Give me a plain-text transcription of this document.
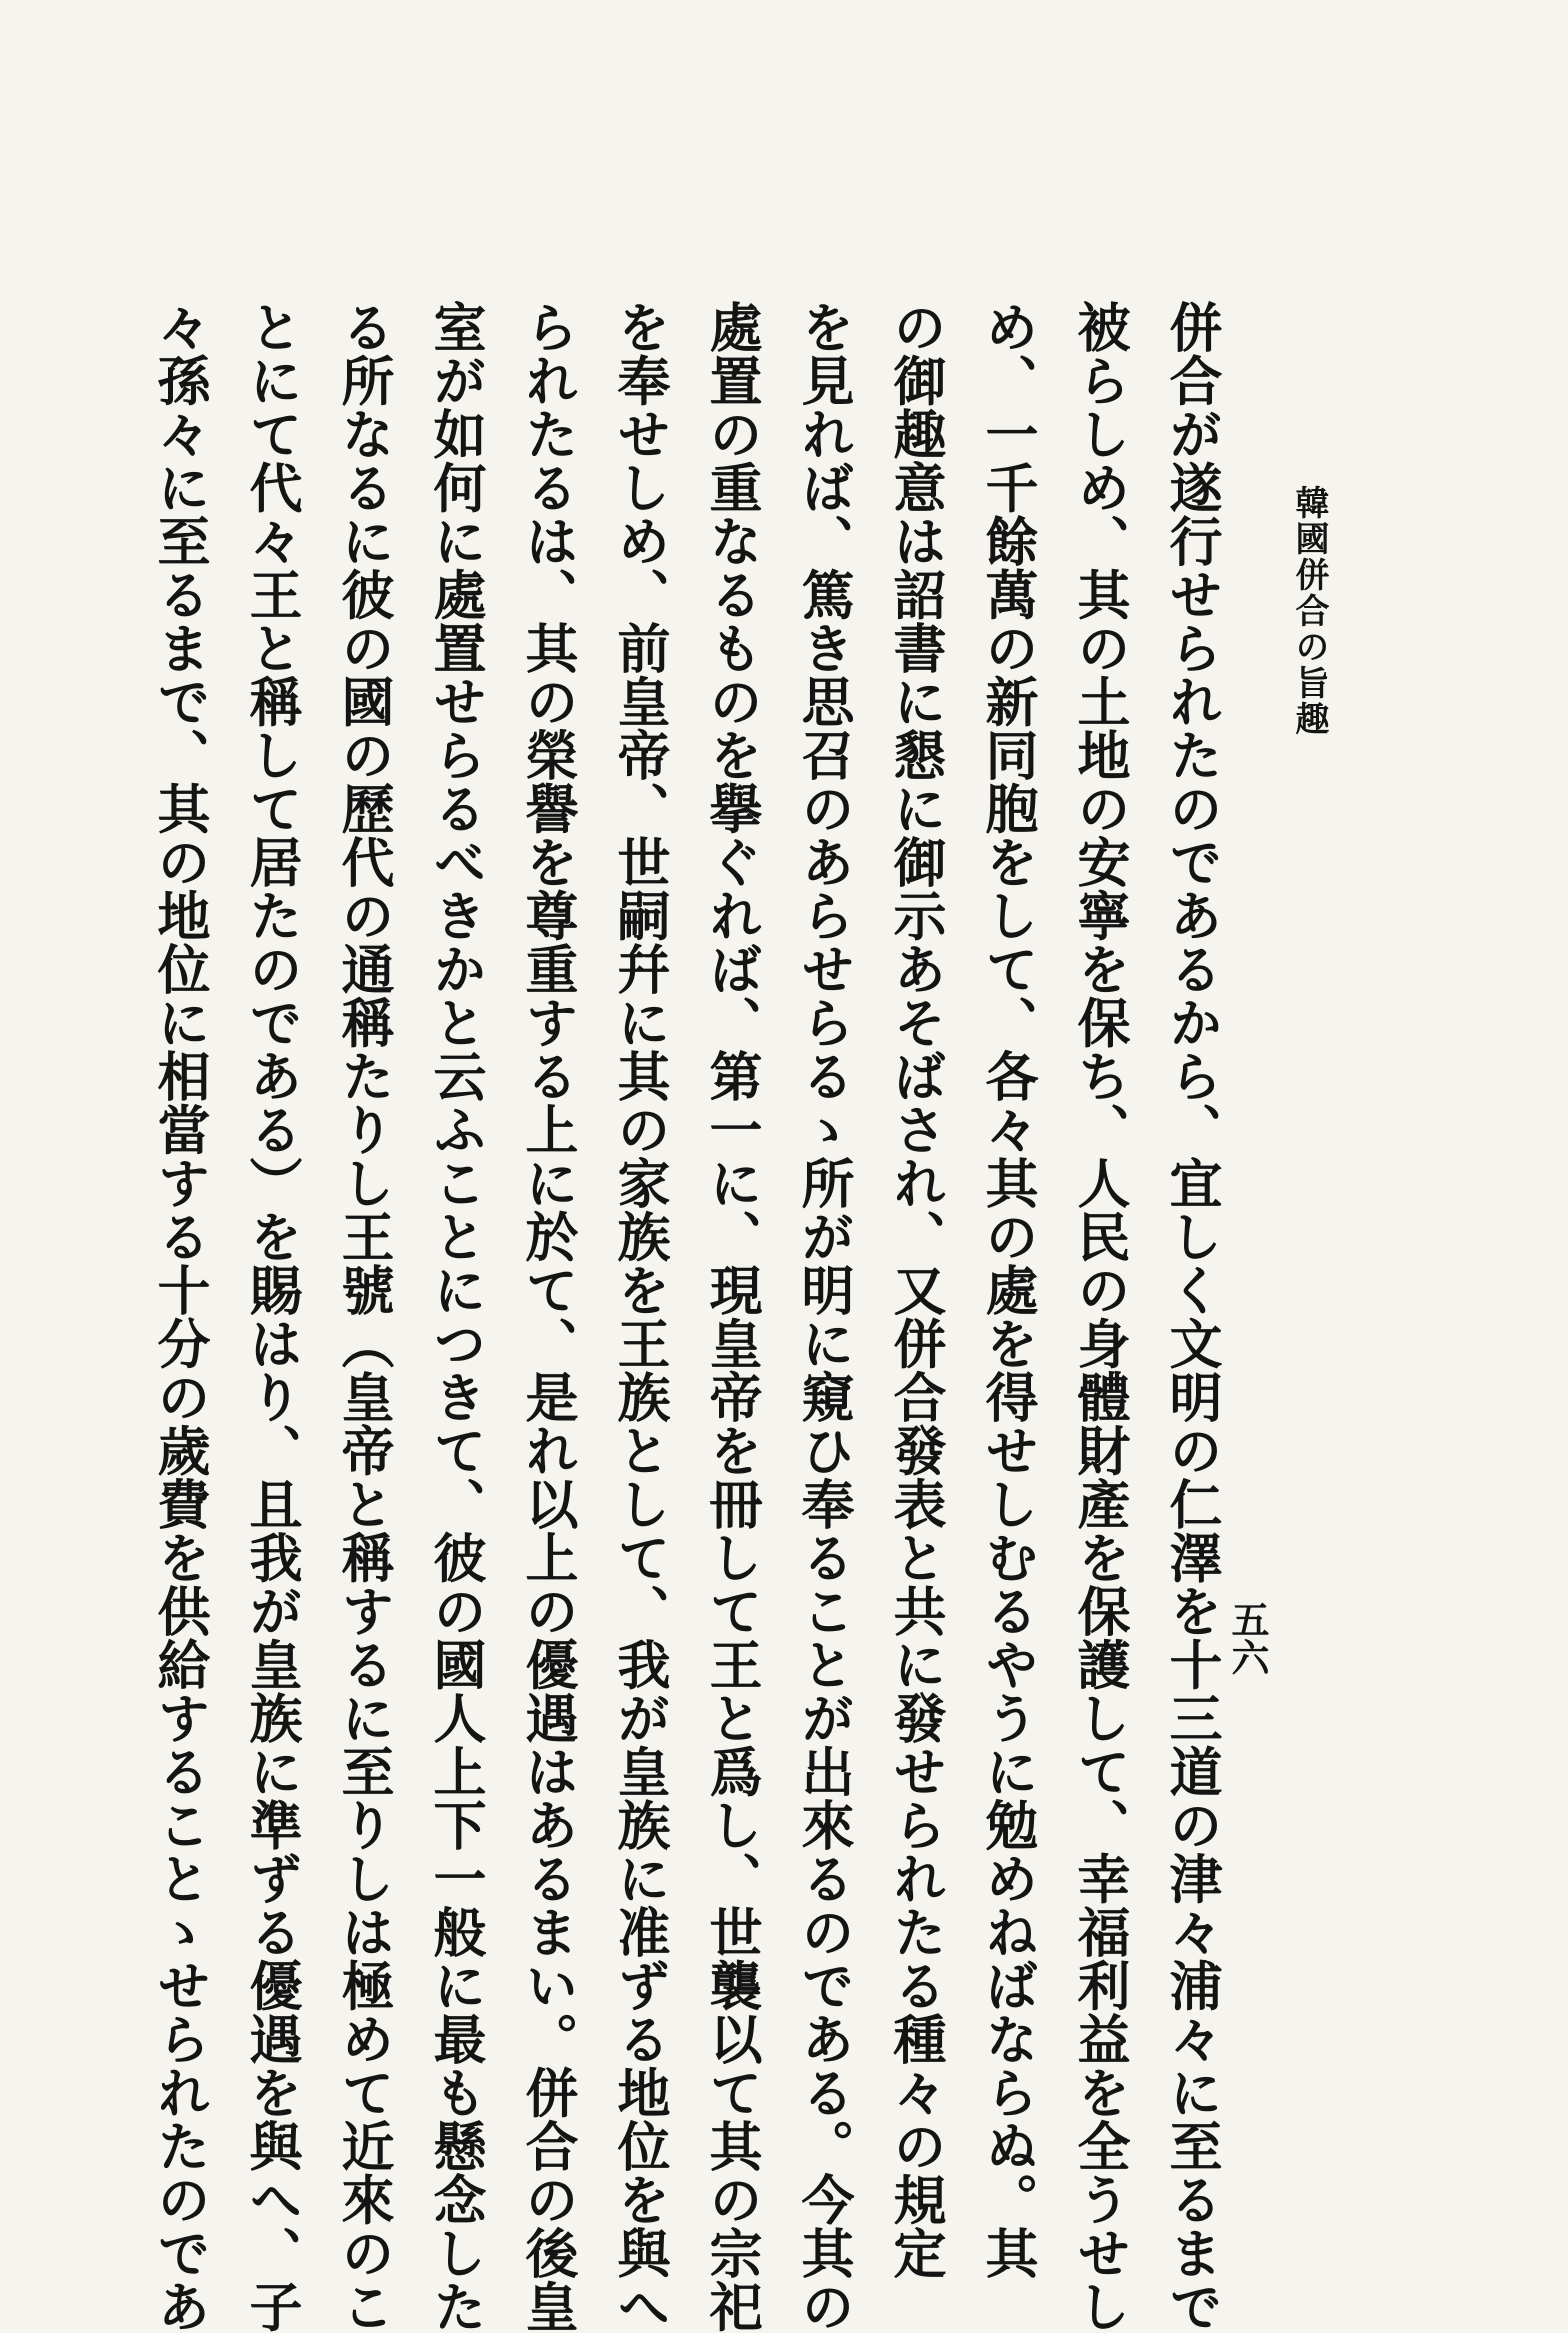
韓國併合の旨趣
五六
併合が遂行せられたのであるから、宜しく文明の仁澤を十三道の津々浦々に至るまで
被らしめ、其の土地の安寧を保ち、人民の身體財產を保護して、幸福利益を全うせし
め、一千餘萬の新同胞をして、各々其の處を得せしむるやうに勉めねばならぬ。其
の御趣意は詔書に懇に御示あそばされ、又併合發表と共に發せられたる種々の規定
を見れば、篤き思召のあらせらるゝ所が明に窺ひ奉ることが出來るのである。今其の
處置の重なるものを擧ぐれば、第一に、現皇帝を冊して王と爲し、世襲以て其の宗祀
を奉せしめ、前皇帝、世嗣幷に其の家族を王族として、我が皇族に准ずる地位を與へ
られたるは、其の榮譽を尊重する上に於て、是れ以上の優遇はあるまい。併合の後皇
室が如何に處置せらるべきかと云ふことにつきて、彼の國人上下一般に最も懸念した
る所なるに彼の國の歷代の通稱たりし王號（皇帝と稱するに至りしは極めて近來のこ
とにて代々王と稱して居たのである）を賜はり、且我が皇族に準ずる優遇を與へ、子
々孫々に至るまで、其の地位に相當する十分の歲費を供給することゝせられたのであ
